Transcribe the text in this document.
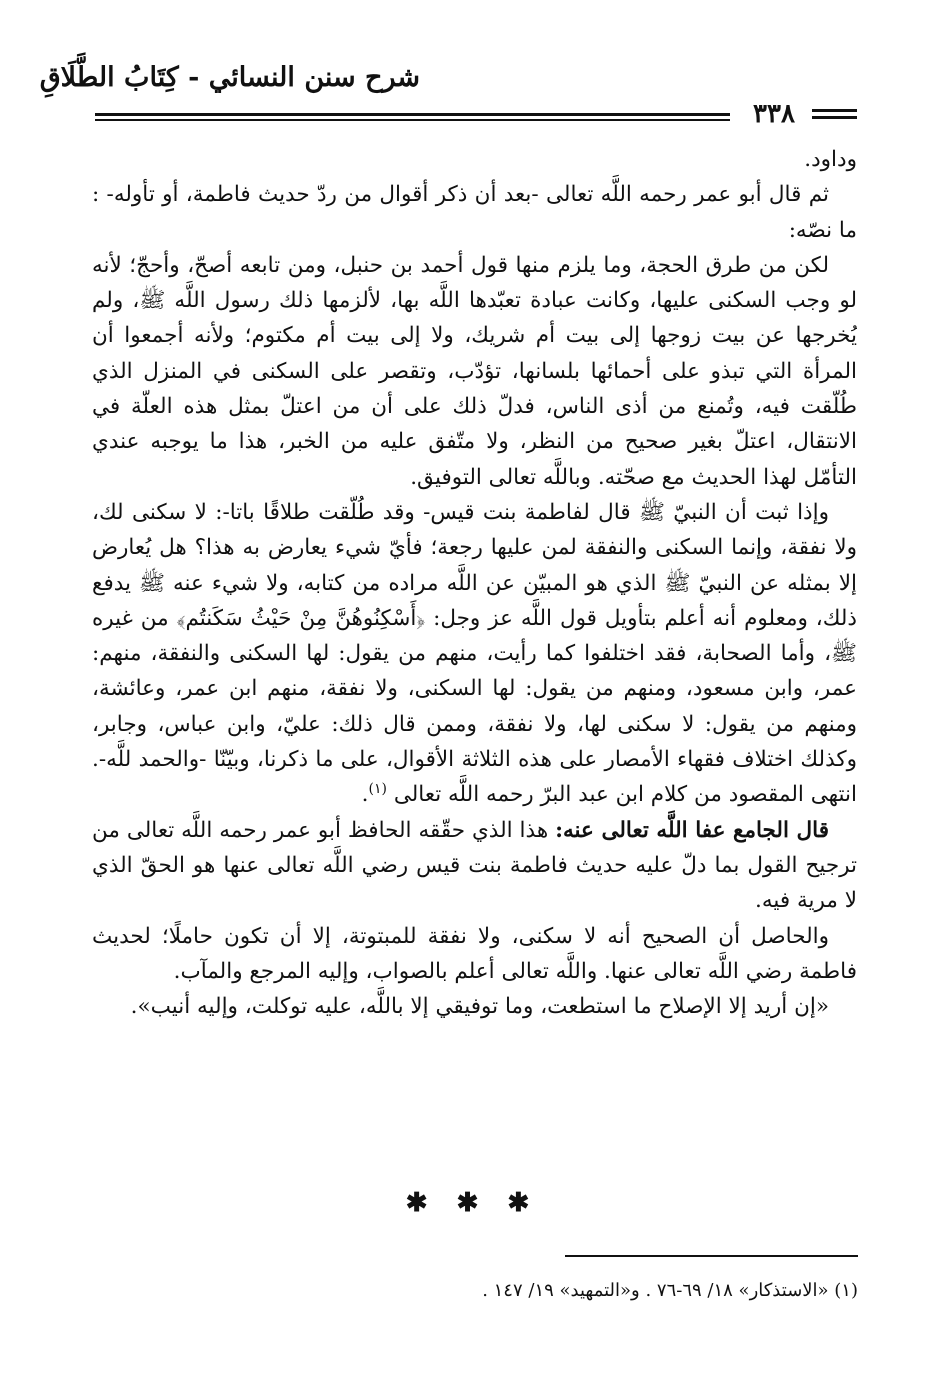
شرح سنن النسائي - كِتَابُ الطَّلَاقِ
٣٣٨

وداود.

ثم قال أبو عمر رحمه اللَّه تعالى -بعد أن ذكر أقوال من ردّ حديث فاطمة، أو تأوله- : ما نصّه:

لكن من طرق الحجة، وما يلزم منها قول أحمد بن حنبل، ومن تابعه أصحّ، وأحجّ؛ لأنه لو وجب السكنى عليها، وكانت عبادة تعبّدها اللَّه بها، لألزمها ذلك رسول اللَّه ﷺ، ولم يُخرجها عن بيت زوجها إلى بيت أم شريك، ولا إلى بيت أم مكتوم؛ ولأنه أجمعوا أن المرأة التي تبذو على أحمائها بلسانها، تؤدّب، وتقصر على السكنى في المنزل الذي طُلّقت فيه، وتُمنع من أذى الناس، فدلّ ذلك على أن من اعتلّ بمثل هذه العلّة في الانتقال، اعتلّ بغير صحيح من النظر، ولا متّفق عليه من الخبر، هذا ما يوجبه عندي التأمّل لهذا الحديث مع صحّته. وباللَّه تعالى التوفيق.

وإذا ثبت أن النبيّ ﷺ قال لفاطمة بنت قيس- وقد طُلّقت طلاقًا باتا-: لا سكنى لك، ولا نفقة، وإنما السكنى والنفقة لمن عليها رجعة؛ فأيّ شيء يعارض به هذا؟ هل يُعارض إلا بمثله عن النبيّ ﷺ الذي هو المبيّن عن اللَّه مراده من كتابه، ولا شيء عنه ﷺ يدفع ذلك، ومعلوم أنه أعلم بتأويل قول اللَّه عز وجل: ﴿أَسْكِنُوهُنَّ مِنْ حَيْثُ سَكَنتُم﴾ من غيره ﷺ، وأما الصحابة، فقد اختلفوا كما رأيت، منهم من يقول: لها السكنى والنفقة، منهم: عمر، وابن مسعود، ومنهم من يقول: لها السكنى، ولا نفقة، منهم ابن عمر، وعائشة، ومنهم من يقول: لا سكنى لها، ولا نفقة، وممن قال ذلك: عليّ، وابن عباس، وجابر، وكذلك اختلاف فقهاء الأمصار على هذه الثلاثة الأقوال، على ما ذكرنا، وبيّنّا -والحمد للَّه-. انتهى المقصود من كلام ابن عبد البرّ رحمه اللَّه تعالى $^{(١)}$.

قال الجامع عفا اللَّه تعالى عنه: هذا الذي حقّقه الحافظ أبو عمر رحمه اللَّه تعالى من ترجيح القول بما دلّ عليه حديث فاطمة بنت قيس رضي اللَّه تعالى عنها هو الحقّ الذي لا مرية فيه.

والحاصل أن الصحيح أنه لا سكنى، ولا نفقة للمبتوتة، إلا أن تكون حاملًا؛ لحديث فاطمة رضي اللَّه تعالى عنها. واللَّه تعالى أعلم بالصواب، وإليه المرجع والمآب.

«إن أريد إلا الإصلاح ما استطعت، وما توفيقي إلا باللَّه، عليه توكلت، وإليه أنيب».

✱ ✱ ✱
(١) «الاستذكار» ١٨/ ٦٩-٧٦ . و«التمهيد» ١٩/ ١٤٧ .
